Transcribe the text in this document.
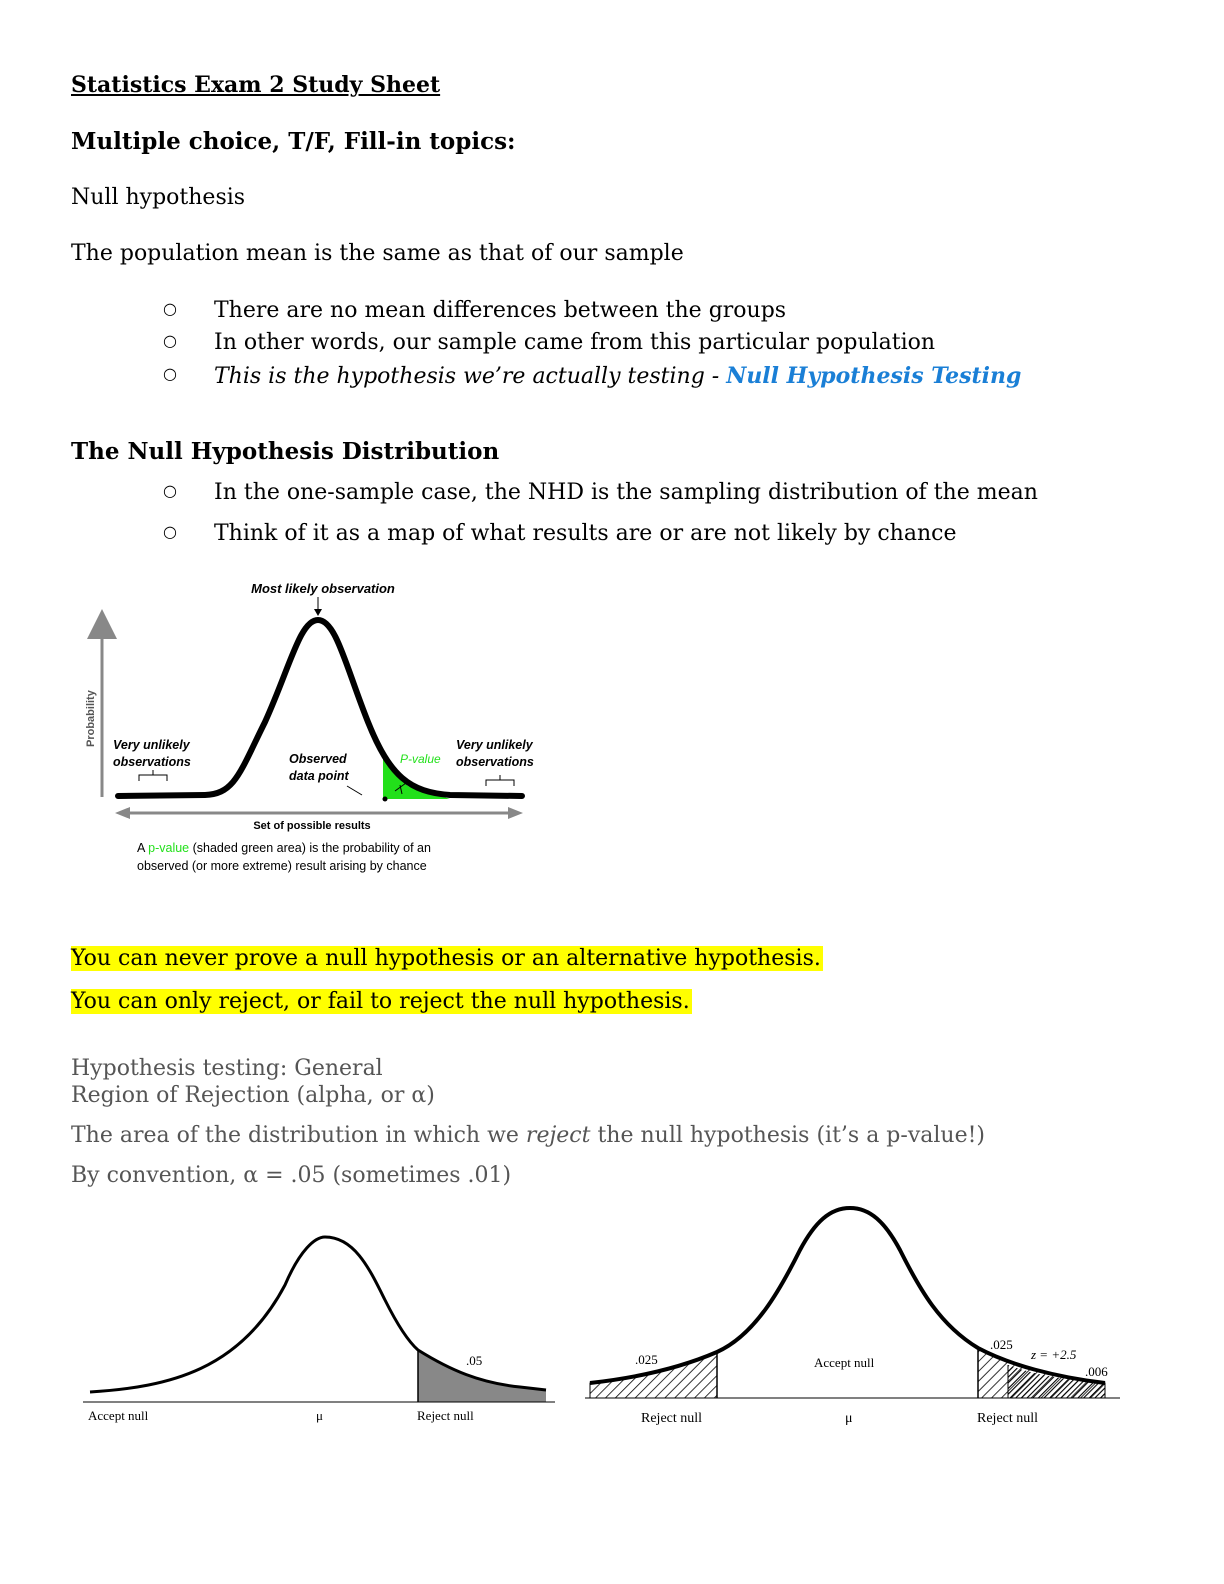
Statistics Exam 2 Study Sheet
Multiple choice, T/F, Fill-in topics:
Null hypothesis
The population mean is the same as that of our sample
○ There are no mean differences between the groups
○ In other words, our sample came from this particular population
○ This is the hypothesis we’re actually testing - Null Hypothesis Testing
The Null Hypothesis Distribution
○ In the one-sample case, the NHD is the sampling distribution of the mean
○ Think of it as a map of what results are or are not likely by chance
Probability
Set of possible results
Most likely observation
Very unlikely
observations
Very unlikely
observations
Observed
data point
P-value
A p-value (shaded green area) is the probability of an
observed (or more extreme) result arising by chance
You can never prove a null hypothesis or an alternative hypothesis.
You can only reject, or fail to reject the null hypothesis.
Hypothesis testing: General
Region of Rejection (alpha, or α)
The area of the distribution in which we reject the null hypothesis (it’s a p-value!)
By convention, α = .05 (sometimes .01)
.05
Accept null	μ	Reject null
.025
.025
Accept null
z = +2.5
.006
Reject null	μ	Reject null
